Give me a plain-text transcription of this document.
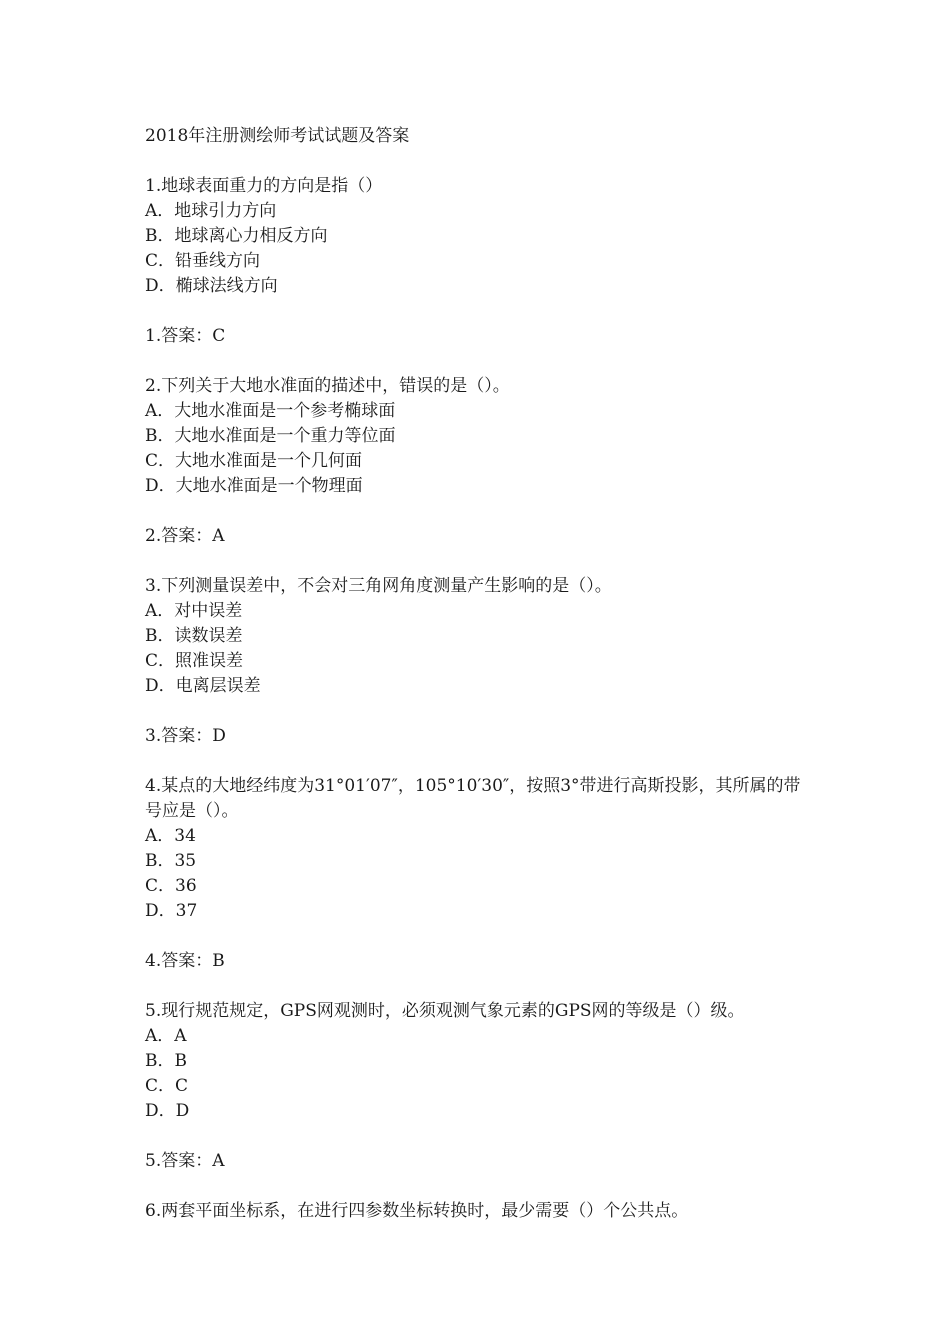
2018年注册测绘师考试试题及答案

1.地球表面重力的方向是指（）
A．地球引力方向
B．地球离心力相反方向
C．铅垂线方向
D．椭球法线方向
1.答案：C
2.下列关于大地水准面的描述中，错误的是（）。
A．大地水准面是一个参考椭球面
B．大地水准面是一个重力等位面
C．大地水准面是一个几何面
D．大地水准面是一个物理面
2.答案：A
3.下列测量误差中，不会对三角网角度测量产生影响的是（）。
A．对中误差
B．读数误差
C．照准误差
D．电离层误差
3.答案：D
4.某点的大地经纬度为31°01′07″，105°10′30″，按照3°带进行高斯投影，其所属的带号应是（）。
A．34
B．35
C．36
D．37
4.答案：B
5.现行规范规定，GPS网观测时，必须观测气象元素的GPS网的等级是（）级。
A．A
B．B
C．C
D．D
5.答案：A
6.两套平面坐标系，在进行四参数坐标转换时，最少需要（）个公共点。
